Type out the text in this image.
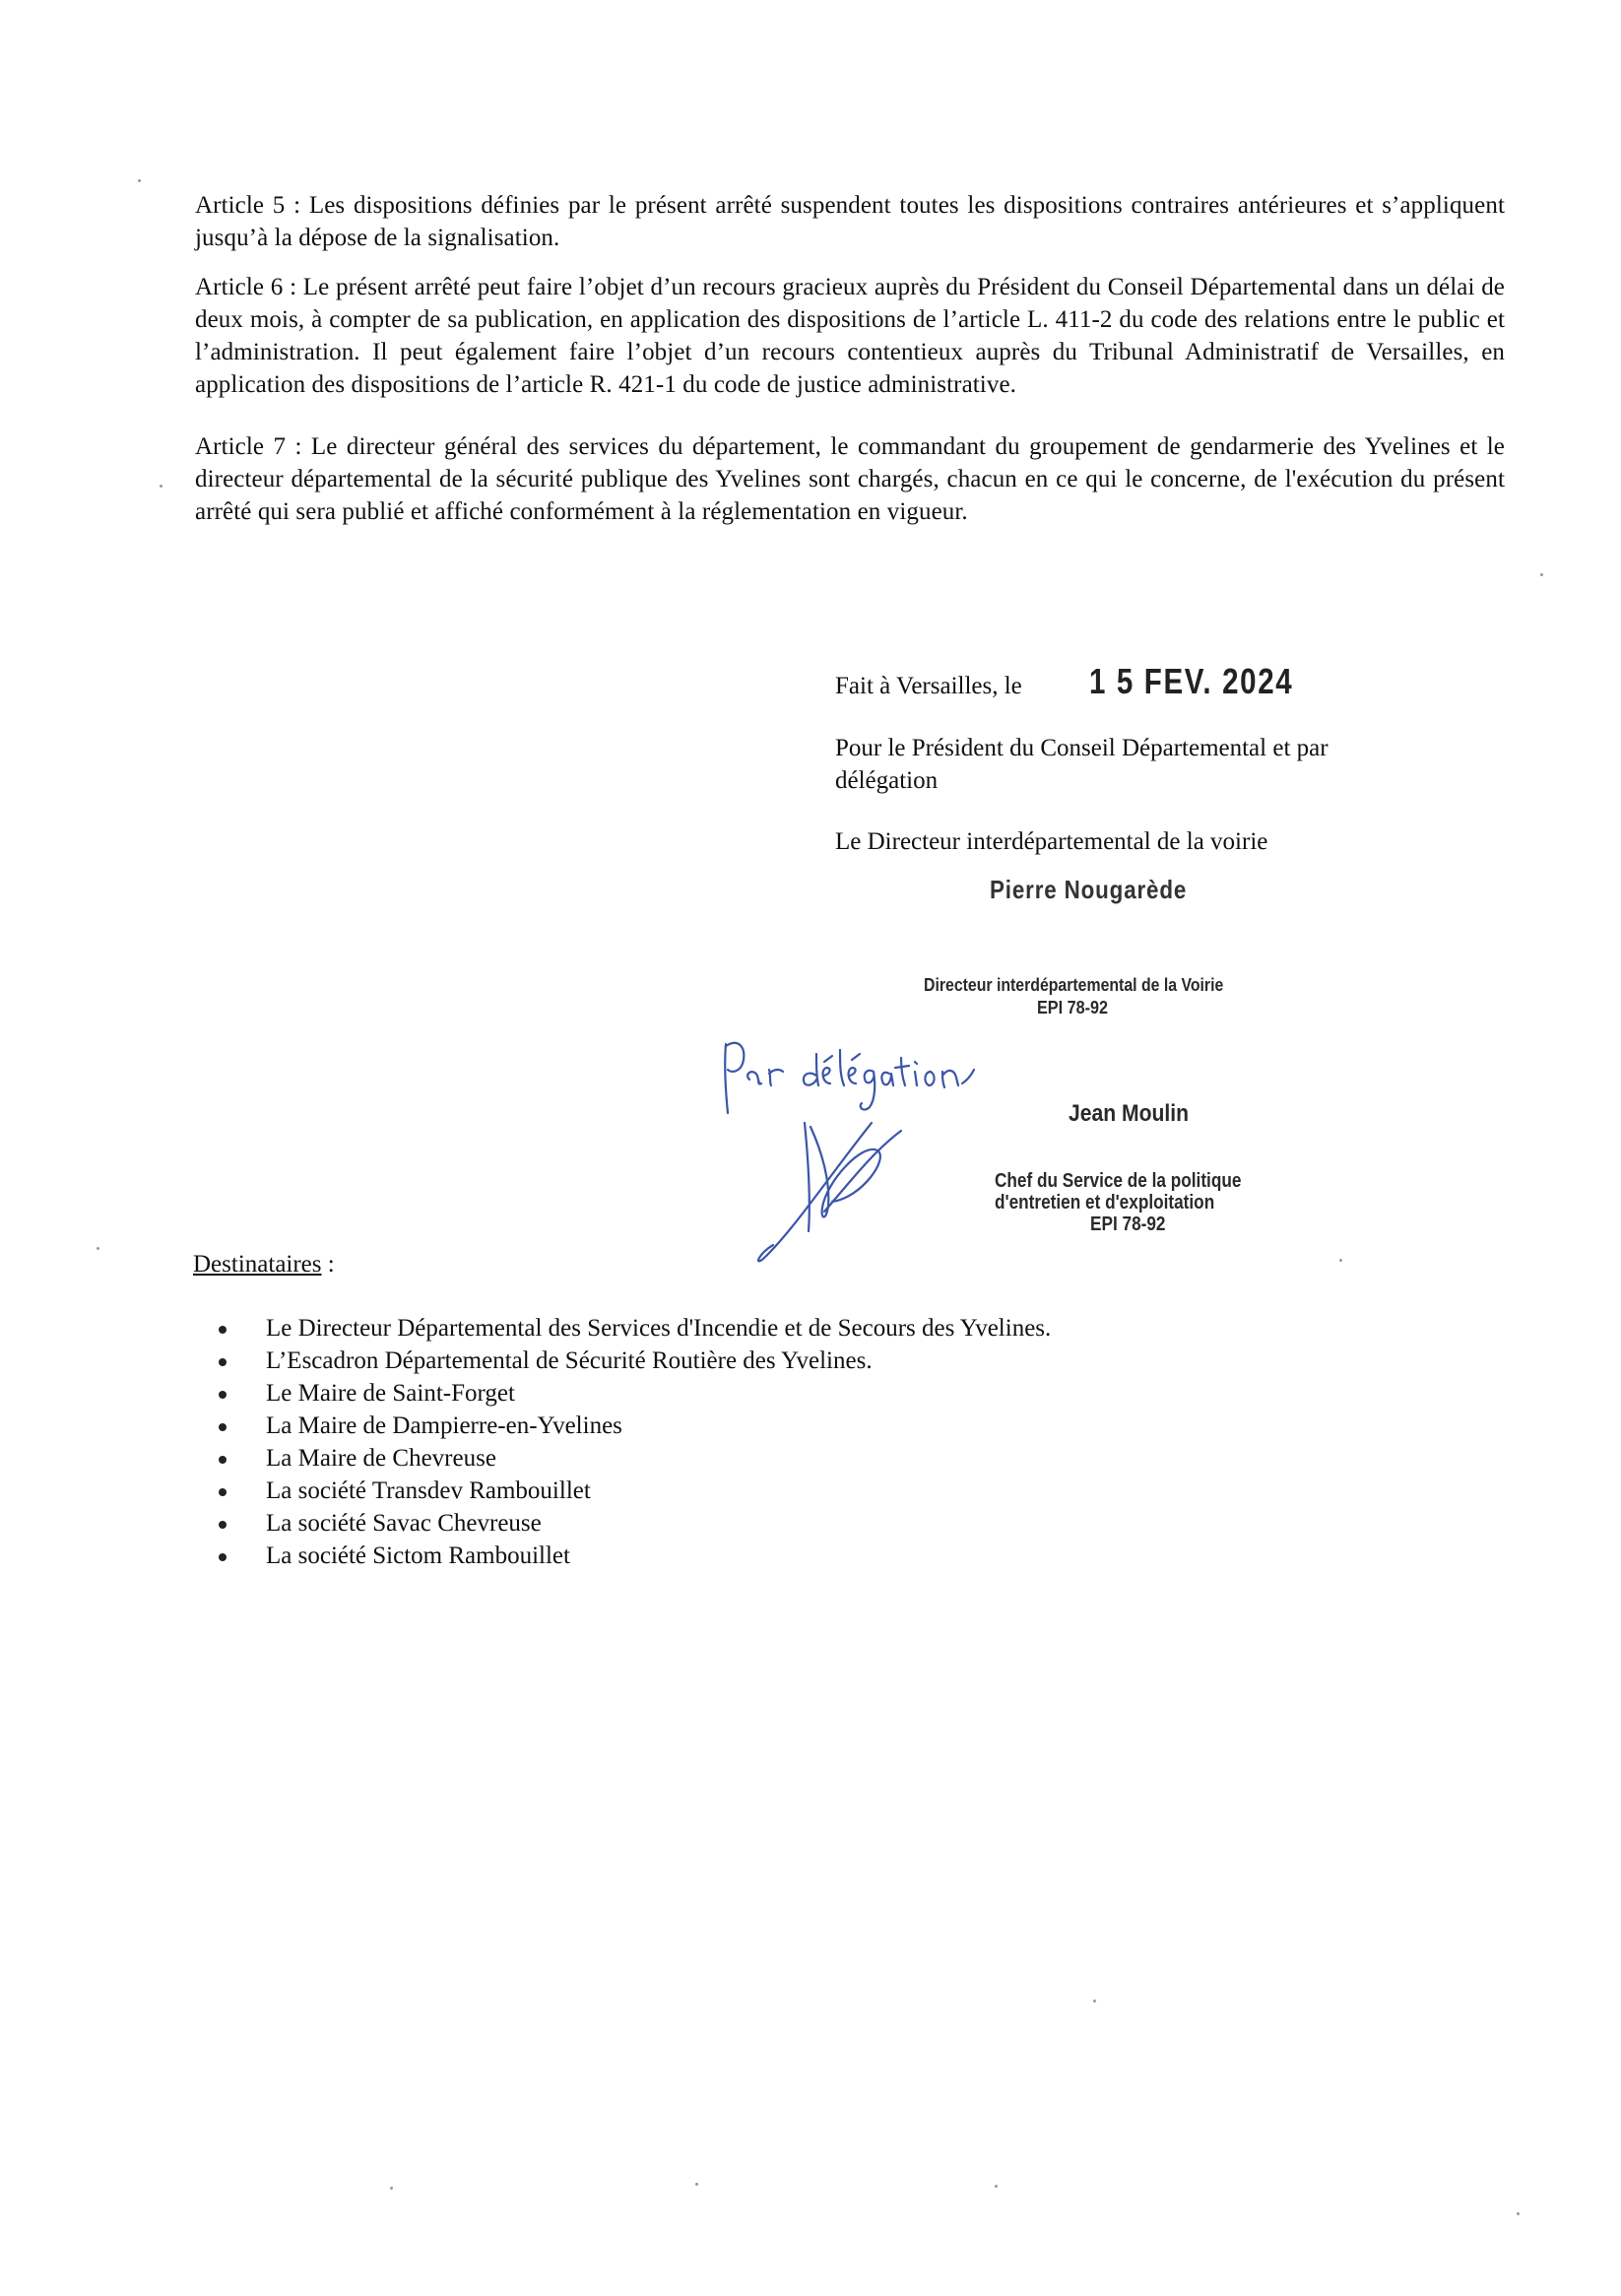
Article 5 : Les dispositions définies par le présent arrêté suspendent toutes les dispositions contraires antérieures et s’appliquent jusqu’à la dépose de la signalisation.
Article 6 : Le présent arrêté peut faire l’objet d’un recours gracieux auprès du Président du Conseil Départemental dans un délai de deux mois, à compter de sa publication, en application des dispositions de l’article L. 411-2 du code des relations entre le public et l’administration. Il peut également faire l’objet d’un recours contentieux auprès du Tribunal Administratif de Versailles, en application des dispositions de l’article R. 421-1 du code de justice administrative.
Article 7 : Le directeur général des services du département, le commandant du groupement de gendarmerie des Yvelines et le directeur départemental de la sécurité publique des Yvelines sont chargés, chacun en ce qui le concerne, de l'exécution du présent arrêté qui sera publié et affiché conformément à la réglementation en vigueur.
Fait à Versailles, le 1 5 FEV. 2024
Pour le Président du Conseil Départemental et par délégation
Le Directeur interdépartemental de la voirie
Pierre Nougarède
Directeur interdépartemental de la Voirie
EPI 78-92
Jean Moulin
Chef du Service de la politique
d'entretien et d'exploitation
EPI 78-92
Destinataires :
Le Directeur Départemental des Services d'Incendie et de Secours des Yvelines.
L’Escadron Départemental de Sécurité Routière des Yvelines.
Le Maire de Saint-Forget
La Maire de Dampierre-en-Yvelines
La Maire de Chevreuse
La société Transdev Rambouillet
La société Savac Chevreuse
La société Sictom Rambouillet
